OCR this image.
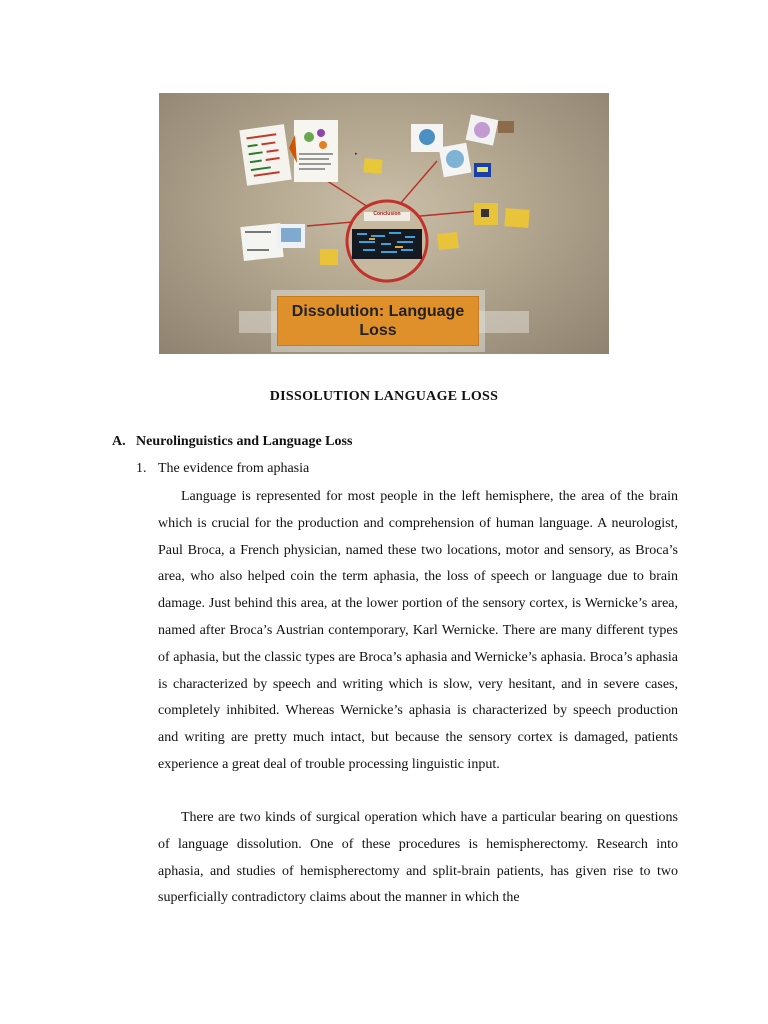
▸
Conclusion
Dissolution: Language Loss
DISSOLUTION LANGUAGE LOSS
A. Neurolinguistics and Language Loss
1. The evidence from aphasia

Language is represented for most people in the left hemisphere, the area of the brain which is crucial for the production and comprehension of human language. A neurologist, Paul Broca, a French physician, named these two locations, motor and sensory, as Broca’s area, who also helped coin the term aphasia, the loss of speech or language due to brain damage. Just behind this area, at the lower portion of the sensory cortex, is Wernicke’s area, named after Broca’s Austrian contemporary, Karl Wernicke. There are many different types of aphasia, but the classic types are Broca’s aphasia and Wernicke’s aphasia. Broca’s aphasia is characterized by speech and writing which is slow, very hesitant, and in severe cases, completely inhibited. Whereas Wernicke’s aphasia is characterized by speech production and writing are pretty much intact, but because the sensory cortex is damaged, patients experience a great deal of trouble processing linguistic input.

There are two kinds of surgical operation which have a particular bearing on questions of language dissolution. One of these procedures is hemispherectomy. Research into aphasia, and studies of hemispherectomy and split-brain patients, has given rise to two superficially contradictory claims about the manner in which the
